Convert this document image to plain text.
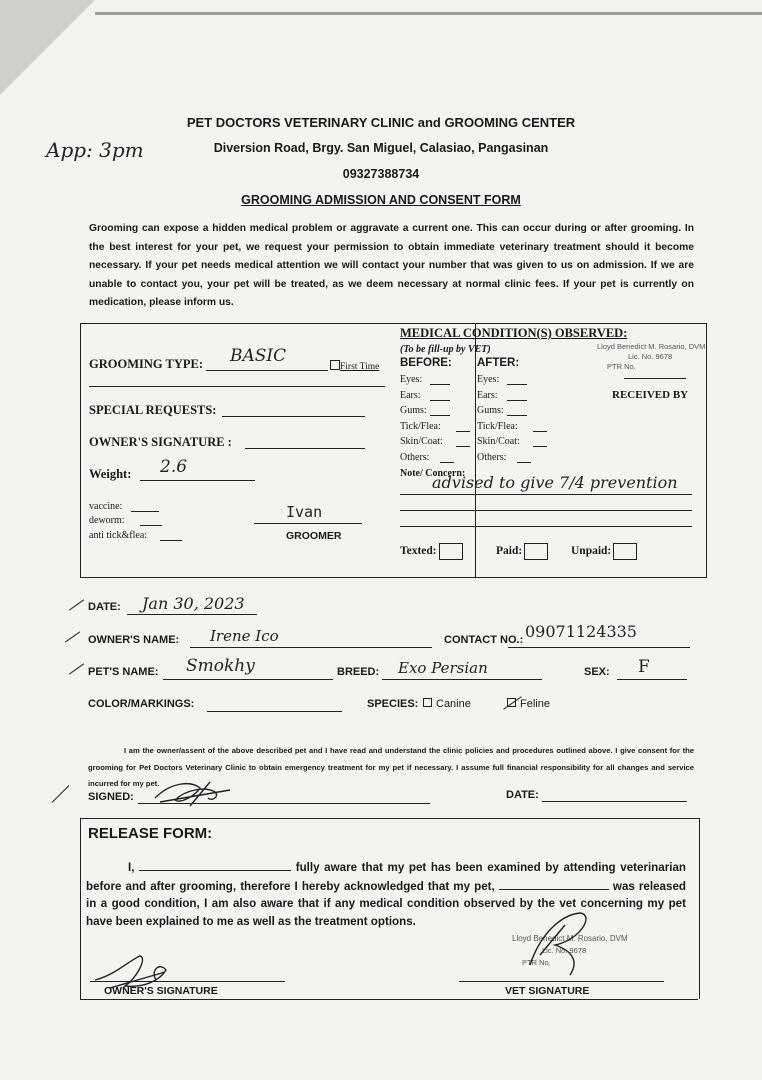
App: 3pm
PET DOCTORS VETERINARY CLINIC and GROOMING CENTER
Diversion Road, Brgy. San Miguel, Calasiao, Pangasinan
09327388734
GROOMING ADMISSION AND CONSENT FORM
Grooming can expose a hidden medical problem or aggravate a current one. This can occur during or after grooming. In the best interest for your pet, we request your permission to obtain immediate veterinary treatment should it become necessary. If your pet needs medical attention we will contact your number that was given to us on admission. If we are unable to contact you, your pet will be treated, as we deem necessary at normal clinic fees. If your pet is currently on medication, please inform us.
GROOMING TYPE: BASIC
First Time
SPECIAL REQUESTS:
OWNER'S SIGNATURE :
Weight: 2.6
vaccine:
deworm:
anti tick&flea:
Ivan
GROOMER
MEDICAL CONDITION(S) OBSERVED:
(To be fill-up by VET)
BEFORE: AFTER:
Lloyd Benedict M. Rosario, DVM
Lic. No. 9678
PTR No.
RECEIVED BY
Eyes:	Eyes:
Ears:	Ears:
Gums:	Gums:
Tick/Flea:	Tick/Flea:
Skin/Coat:	Skin/Coat:
Others:	Others:
Note/ Concern:
advised to give 7/4 prevention
Texted:	Paid:	Unpaid:
DATE: Jan 30, 2023
OWNER'S NAME: Irene Ico	CONTACT NO.: 09071124335
PET'S NAME: Smokhy	BREED: Exo Persian	SEX: F
COLOR/MARKINGS:	SPECIES:	Canine	Feline
I am the owner/assent of the above described pet and I have read and understand the clinic policies and procedures outlined above. I give consent for the grooming for Pet Doctors Veterinary Clinic to obtain emergency treatment for my pet if necessary. I assume full financial responsibility for all changes and service incurred for my pet.
SIGNED:	DATE:
RELEASE FORM:
I,	fully aware that my pet has been examined by attending veterinarian before and after grooming, therefore I hereby acknowledged that my pet,	was released in a good condition, I am also aware that if any medical condition observed by the vet concerning my pet have been explained to me as well as the treatment options.
Lloyd Benedict M. Rosario, DVM
Lic. No. 9678
PTR No.
OWNER'S SIGNATURE	VET SIGNATURE
